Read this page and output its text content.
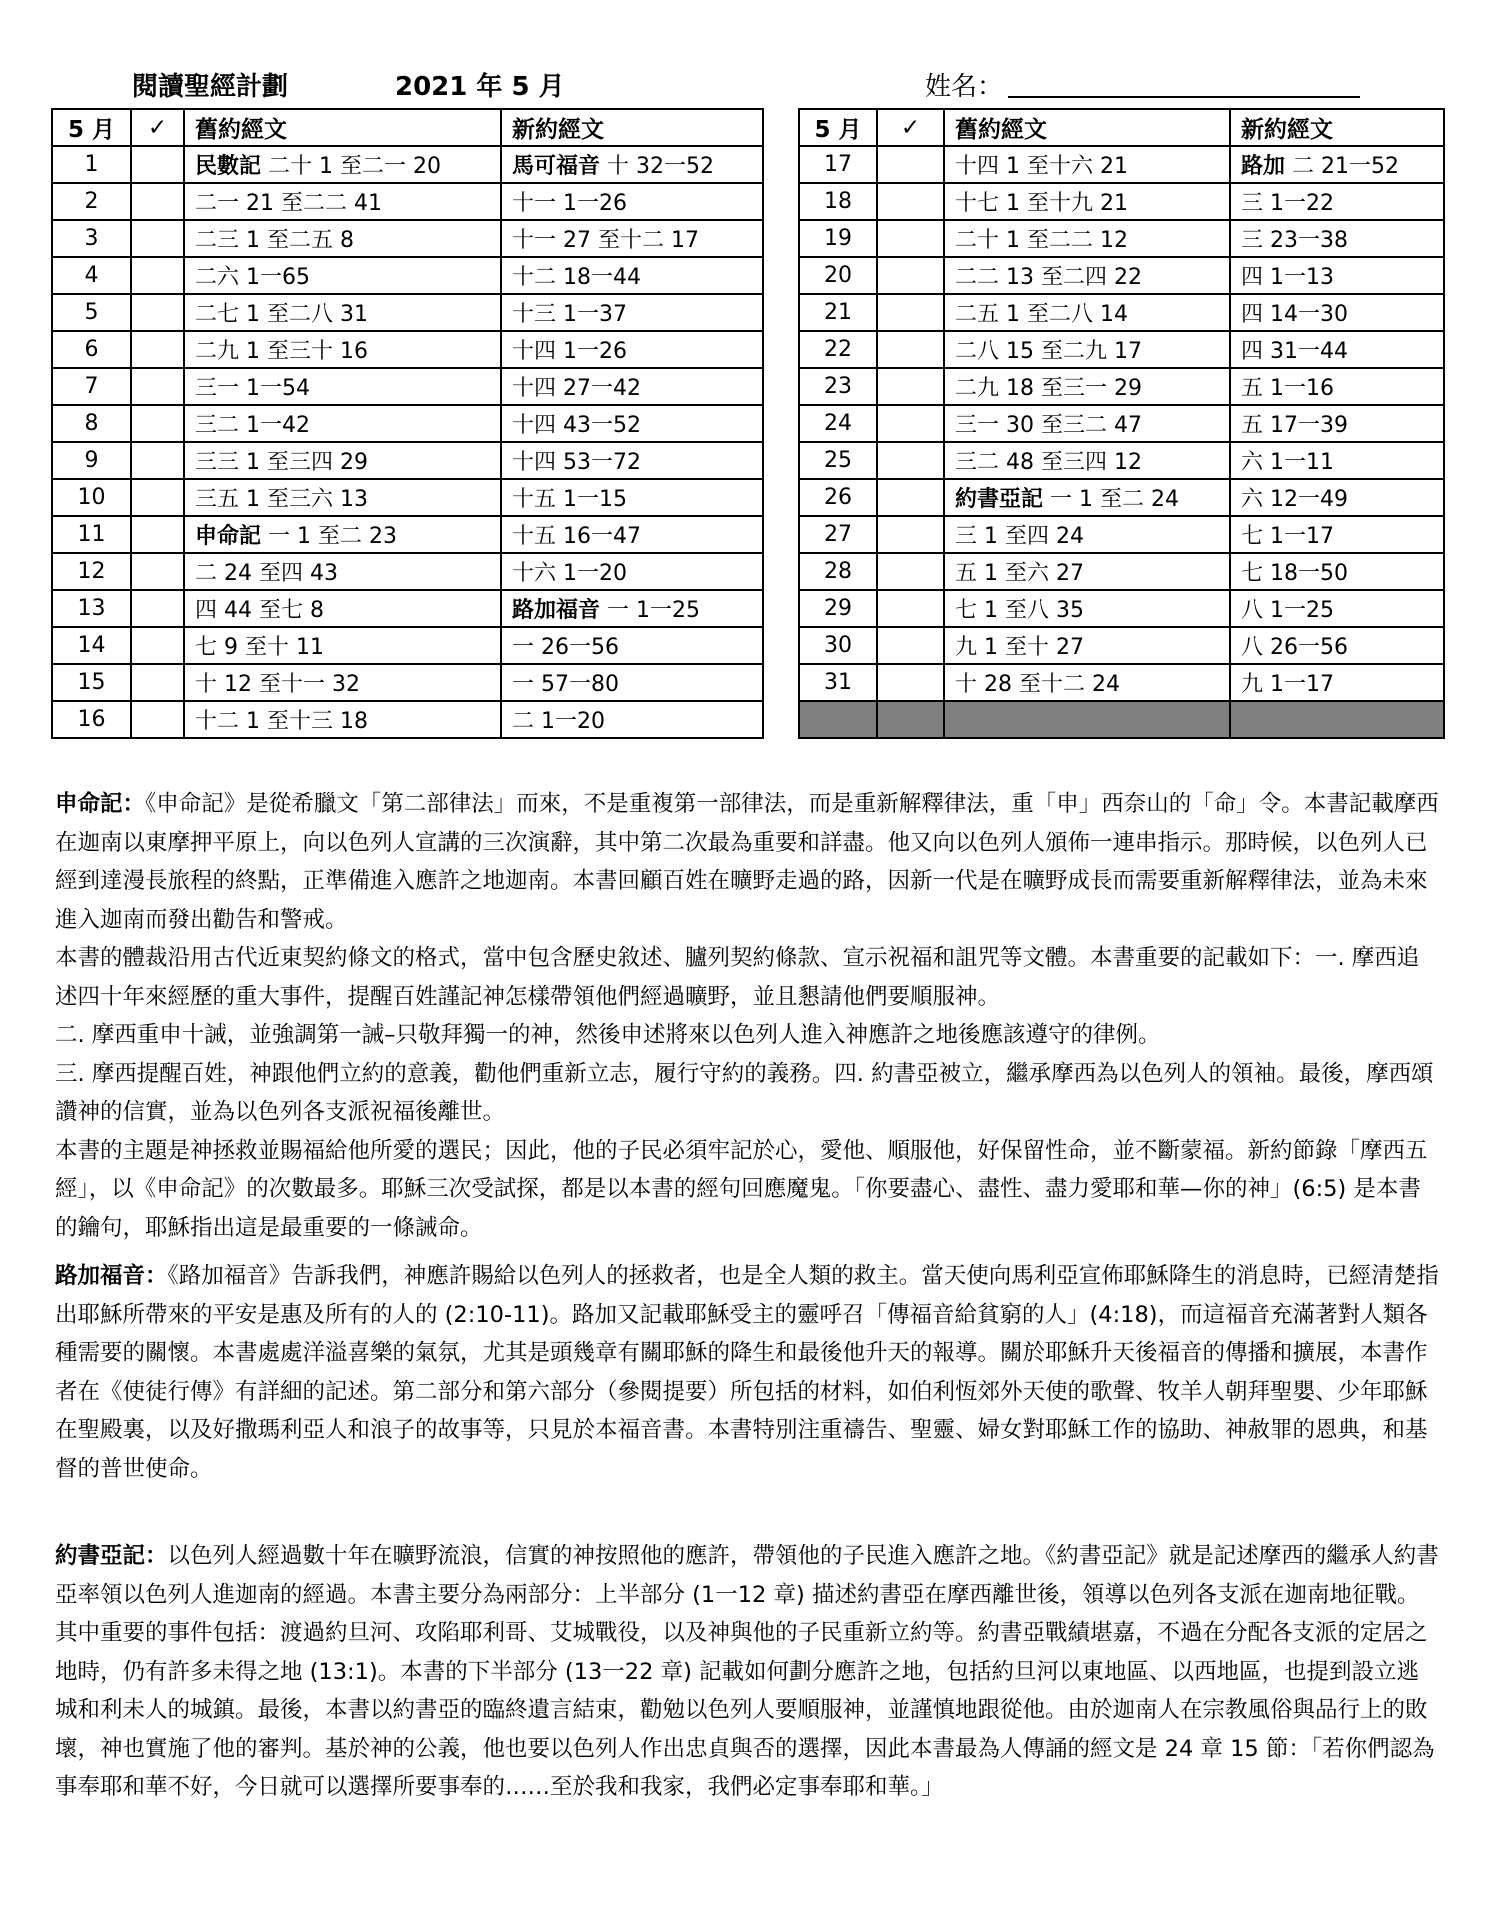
閱讀聖經計劃	2021 年 5 月	姓名：
5 月	✓	舊約經文	新約經文
1		民數記 二十 1 至二一 20	馬可福音 十 32一52
2		二一 21 至二二 41	十一 1一26
3		二三 1 至二五 8	十一 27 至十二 17
4		二六 1一65	十二 18一44
5		二七 1 至二八 31	十三 1一37
6		二九 1 至三十 16	十四 1一26
7		三一 1一54	十四 27一42
8		三二 1一42	十四 43一52
9		三三 1 至三四 29	十四 53一72
10		三五 1 至三六 13	十五 1一15
11		申命記 一 1 至二 23	十五 16一47
12		二 24 至四 43	十六 1一20
13		四 44 至七 8	路加福音 一 1一25
14		七 9 至十 11	一 26一56
15		十 12 至十一 32	一 57一80
16		十二 1 至十三 18	二 1一20
5 月	✓	舊約經文	新約經文
17		十四 1 至十六 21	路加 二 21一52
18		十七 1 至十九 21	三 1一22
19		二十 1 至二二 12	三 23一38
20		二二 13 至二四 22	四 1一13
21		二五 1 至二八 14	四 14一30
22		二八 15 至二九 17	四 31一44
23		二九 18 至三一 29	五 1一16
24		三一 30 至三二 47	五 17一39
25		三二 48 至三四 12	六 1一11
26		約書亞記 一 1 至二 24	六 12一49
27		三 1 至四 24	七 1一17
28		五 1 至六 27	七 18一50
29		七 1 至八 35	八 1一25
30		九 1 至十 27	八 26一56
31		十 28 至十二 24	九 1一17

申命記：《申命記》是從希臘文「第二部律法」而來，不是重複第一部律法，而是重新解釋律法，重「申」西奈山的「命」令。本書記載摩西在迦南以東摩押平原上，向以色列人宣講的三次演辭，其中第二次最為重要和詳盡。他又向以色列人頒佈一連串指示。那時候，以色列人已經到達漫長旅程的終點，正準備進入應許之地迦南。本書回顧百姓在曠野走過的路，因新一代是在曠野成長而需要重新解釋律法，並為未來進入迦南而發出勸告和警戒。

本書的體裁沿用古代近東契約條文的格式，當中包含歷史敘述、臚列契約條款、宣示祝福和詛咒等文體。本書重要的記載如下：一. 摩西追述四十年來經歷的重大事件，提醒百姓謹記神怎樣帶領他們經過曠野，並且懇請他們要順服神。

二. 摩西重申十誡，並強調第一誡–只敬拜獨一的神，然後申述將來以色列人進入神應許之地後應該遵守的律例。

三. 摩西提醒百姓，神跟他們立約的意義，勸他們重新立志，履行守約的義務。四. 約書亞被立，繼承摩西為以色列人的領袖。最後，摩西頌讚神的信實，並為以色列各支派祝福後離世。

本書的主題是神拯救並賜福給他所愛的選民；因此，他的子民必須牢記於心，愛他、順服他，好保留性命，並不斷蒙福。新約節錄「摩西五經」，以《申命記》的次數最多。耶穌三次受試探，都是以本書的經句回應魔鬼。「你要盡心、盡性、盡力愛耶和華—你的神」(6:5) 是本書的鑰句，耶穌指出這是最重要的一條誡命。

路加福音：《路加福音》告訴我們，神應許賜給以色列人的拯救者，也是全人類的救主。當天使向馬利亞宣佈耶穌降生的消息時，已經清楚指出耶穌所帶來的平安是惠及所有的人的 (2:10-11)。路加又記載耶穌受主的靈呼召「傳福音給貧窮的人」(4:18)，而這福音充滿著對人類各種需要的關懷。本書處處洋溢喜樂的氣氛，尤其是頭幾章有關耶穌的降生和最後他升天的報導。關於耶穌升天後福音的傳播和擴展，本書作者在《使徒行傳》有詳細的記述。第二部分和第六部分（參閱提要）所包括的材料，如伯利恆郊外天使的歌聲、牧羊人朝拜聖嬰、少年耶穌在聖殿裏，以及好撒瑪利亞人和浪子的故事等，只見於本福音書。本書特別注重禱告、聖靈、婦女對耶穌工作的協助、神赦罪的恩典，和基督的普世使命。

約書亞記：以色列人經過數十年在曠野流浪，信實的神按照他的應許，帶領他的子民進入應許之地。《約書亞記》就是記述摩西的繼承人約書亞率領以色列人進迦南的經過。本書主要分為兩部分：上半部分 (1一12 章) 描述約書亞在摩西離世後，領導以色列各支派在迦南地征戰。其中重要的事件包括：渡過約旦河、攻陷耶利哥、艾城戰役，以及神與他的子民重新立約等。約書亞戰績堪嘉，不過在分配各支派的定居之地時，仍有許多未得之地 (13:1)。本書的下半部分 (13一22 章) 記載如何劃分應許之地，包括約旦河以東地區、以西地區，也提到設立逃城和利未人的城鎮。最後，本書以約書亞的臨終遺言結束，勸勉以色列人要順服神，並謹慎地跟從他。由於迦南人在宗教風俗與品行上的敗壞，神也實施了他的審判。基於神的公義，他也要以色列人作出忠貞與否的選擇，因此本書最為人傳誦的經文是 24 章 15 節：「若你們認為事奉耶和華不好，今日就可以選擇所要事奉的……至於我和我家，我們必定事奉耶和華。」
